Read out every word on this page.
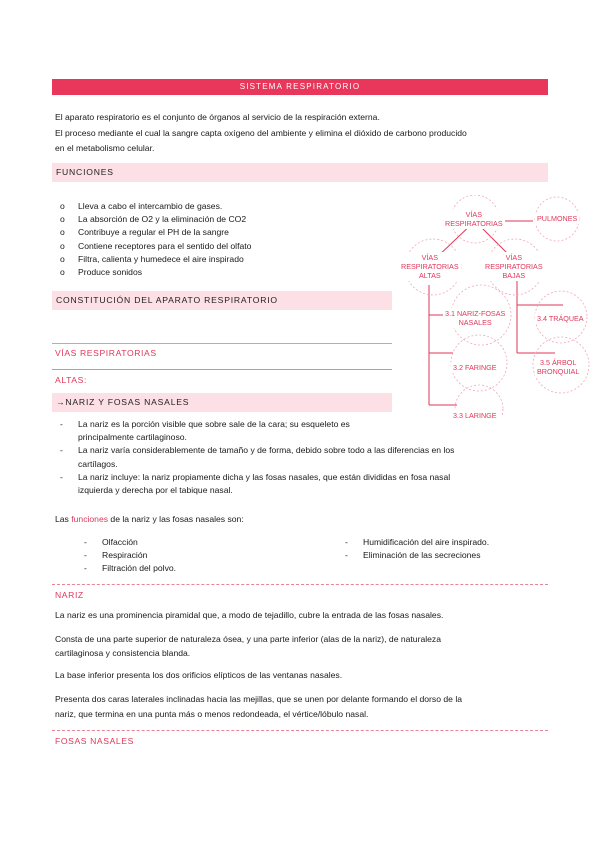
SISTEMA RESPIRATORIO
El aparato respiratorio es el conjunto de órganos al servicio de la respiración externa.
El proceso mediante el cual la sangre capta oxígeno del ambiente y elimina el dióxido de carbono producido
en el metabolismo celular.
FUNCIONES
o Lleva a cabo el intercambio de gases.
o La absorción de O2 y la eliminación de CO2
o Contribuye a regular el PH de la sangre
o Contiene receptores para el sentido del olfato
o Filtra, calienta y humedece el aire inspirado
o Produce sonidos
CONSTITUCIÓN DEL APARATO RESPIRATORIO
VÍAS
RESPIRATORIAS
PULMONES
VÍAS
RESPIRATORIAS
ALTAS
VÍAS
RESPIRATORIAS
BAJAS
3.1 NARIZ-FOSAS
NASALES	3.4 TRÁQUEA
3.2 FARINGE
3.5 ÁRBOL
BRONQUIAL
3.3 LARINGE
VÍAS RESPIRATORIAS
ALTAS:
→NARIZ Y FOSAS NASALES
- La nariz es la porción visible que sobre sale de la cara; su esqueleto es
principalmente cartilaginoso.
- La nariz varía considerablemente de tamaño y de forma, debido sobre todo a las diferencias en los
cartílagos.
- La nariz incluye: la nariz propiamente dicha y las fosas nasales, que están divididas en fosa nasal
izquierda y derecha por el tabique nasal.
Las funciones de la nariz y las fosas nasales son:
- Olfacción
- Respiración
- Filtración del polvo.
- Humidificación del aire inspirado.
- Eliminación de las secreciones
NARIZ
La nariz es una prominencia piramidal que, a modo de tejadillo, cubre la entrada de las fosas nasales.
Consta de una parte superior de naturaleza ósea, y una parte inferior (alas de la nariz), de naturaleza
cartilaginosa y consistencia blanda.
La base inferior presenta los dos orificios elípticos de las ventanas nasales.
Presenta dos caras laterales inclinadas hacia las mejillas, que se unen por delante formando el dorso de la
nariz, que termina en una punta más o menos redondeada, el vértice/lóbulo nasal.
FOSAS NASALES
